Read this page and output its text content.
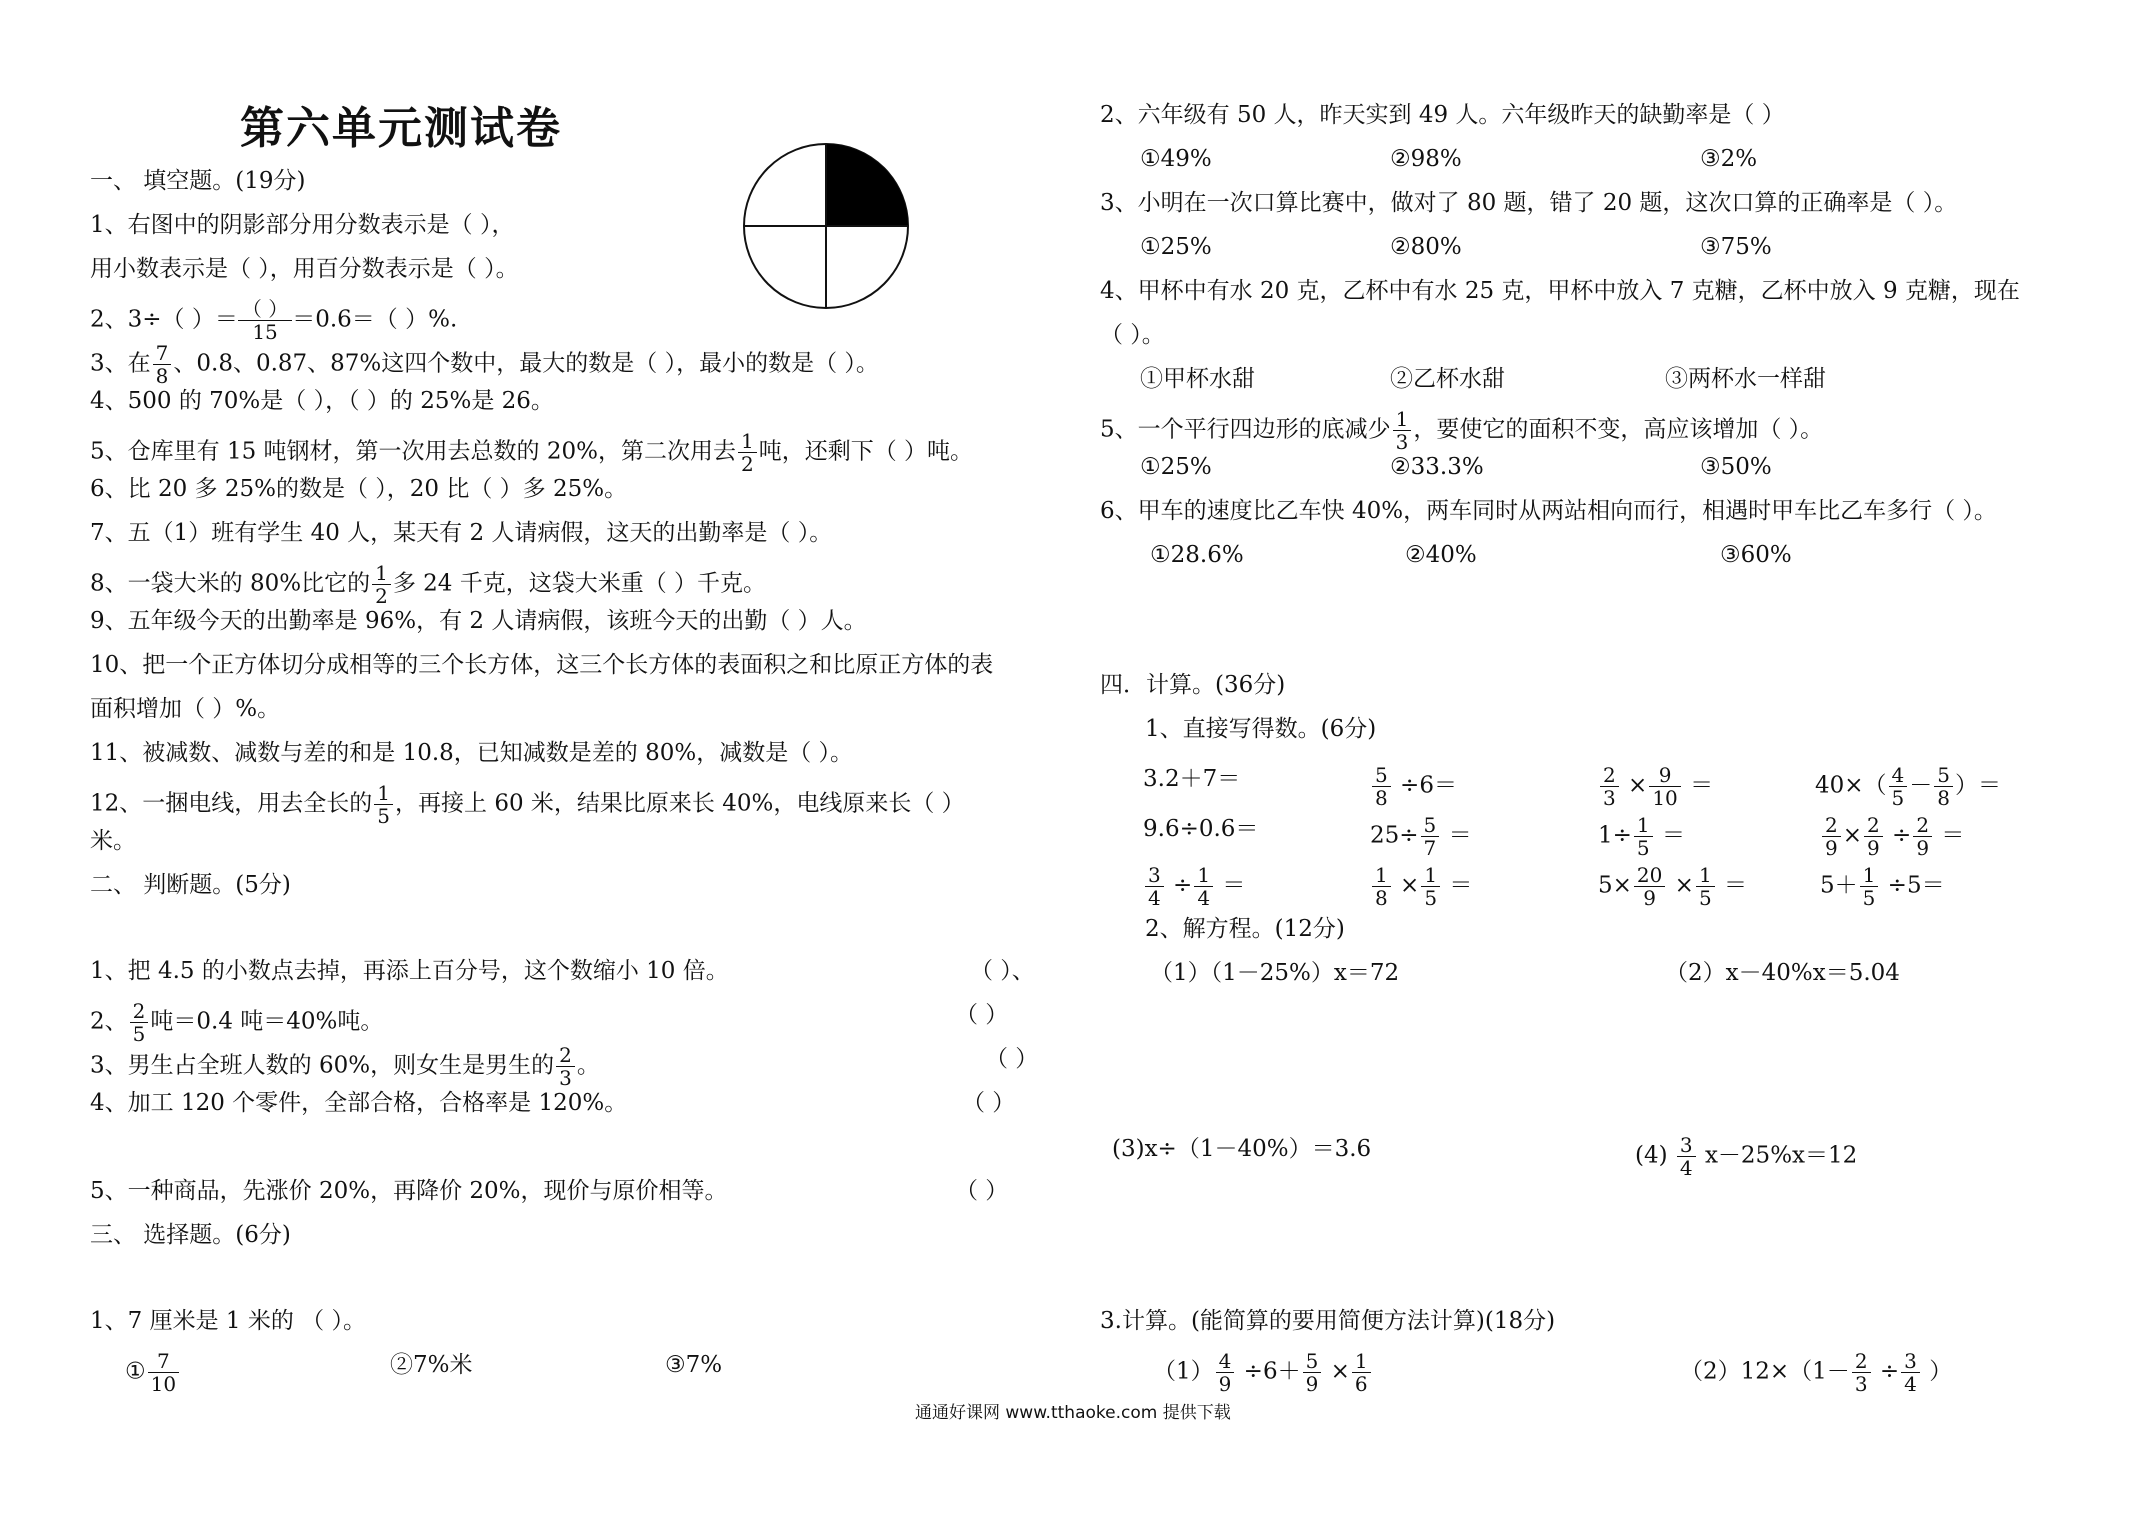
第六单元测试卷
一、 填空题。(19分)
1、右图中的阴影部分用分数表示是（ ），
用小数表示是（ ），用百分数表示是（ ）。
2、3÷（ ）＝ （ ）
15 ＝0.6＝（ ）%.
3、在 $\frac{7}{8}$ 、0.8、0.87、87%这四个数中，最大的数是（ ），最小的数是（ ）。
4、500 的 70%是（ ），（ ）的 25%是 26。
5、仓库里有 15 吨钢材，第一次用去总数的 20%，第二次用去 $\frac{1}{2}$ 吨，还剩下（ ）吨。
6、比 20 多 25%的数是（ ），20 比（ ）多 25%。
7、五（1）班有学生 40 人，某天有 2 人请病假，这天的出勤率是（ ）。
8、一袋大米的 80%比它的 $\frac{1}{2}$ 多 24 千克，这袋大米重（ ）千克。
9、五年级今天的出勤率是 96%，有 2 人请病假，该班今天的出勤（ ）人。
10、把一个正方体切分成相等的三个长方体，这三个长方体的表面积之和比原正方体的表
面积增加（ ）%。
11、被减数、减数与差的和是 10.8，已知减数是差的 80%，减数是（ ）。
12、一捆电线，用去全长的 $\frac{1}{5}$ ，再接上 60 米，结果比原来长 40%，电线原来长（ ）
米。
二、 判断题。(5分)
1、把 4.5 的小数点去掉，再添上百分号，这个数缩小 10 倍。	（ ）、
2、 $\frac{2}{5}$ 吨＝0.4 吨＝40%吨。	（ ）
3、男生占全班人数的 60%，则女生是男生的 $\frac{2}{3}$ 。	（ ）
4、加工 120 个零件，全部合格，合格率是 120%。	（ ）
5、一种商品，先涨价 20%，再降价 20%，现价与原价相等。	（ ）
三、 选择题。(6分)
1、7 厘米是 1 米的 （ ）。
① $\frac{7}{10}$	②7%米	③7%
2、六年级有 50 人，昨天实到 49 人。六年级昨天的缺勤率是（ ）
①49%	②98%	③2%
3、小明在一次口算比赛中，做对了 80 题，错了 20 题，这次口算的正确率是（ ）。
①25%	②80%	③75%
4、甲杯中有水 20 克，乙杯中有水 25 克，甲杯中放入 7 克糖，乙杯中放入 9 克糖，现在
（ ）。
①甲杯水甜	②乙杯水甜	③两杯水一样甜
5、一个平行四边形的底减少 $\frac{1}{3}$ ，要使它的面积不变，高应该增加（ ）。
①25%	②33.3%	③50%
6、甲车的速度比乙车快 40%，两车同时从两站相向而行，相遇时甲车比乙车多行（ ）。
①28.6%	②40%	③60%
四．计算。(36分)
1、直接写得数。(6分)
3.2＋7＝	$\frac{5}{8} \div 6=$	$\frac{2}{3} \times \frac{9}{10}$ ＝	$40\times( \frac{4}{5} - \frac{5}{8}$ ）＝
9.6÷0.6＝	$25\div \frac{5}{7}$ ＝	$1\div \frac{1}{5}$ ＝	$\frac{2}{9} \times \frac{2}{9} \div \frac{2}{9}$ ＝
$\frac{3}{4} \div \frac{1}{4}$ ＝	$\frac{1}{8} \times \frac{1}{5}$ ＝	$5\times \frac{20}{9} \times \frac{1}{5}$ ＝	$5+ \frac{1}{5} \div 5=$
2、解方程。(12分)
（1）（1－25%）x＝72	（2）x－40%x＝5.04
(3)x÷（1－40%）＝3.6	$(4) \frac{3}{4} x-25\%x=12$
3.计算。(能简算的要用简便方法计算)(18分)
$(1) \frac{4}{9} \div 6+ \frac{5}{9} \times \frac{1}{6}$	$(2)12\times(1- \frac{2}{3} \div \frac{3}{4}$ ）
通通好课网 www.tthaoke.com 提供下载
